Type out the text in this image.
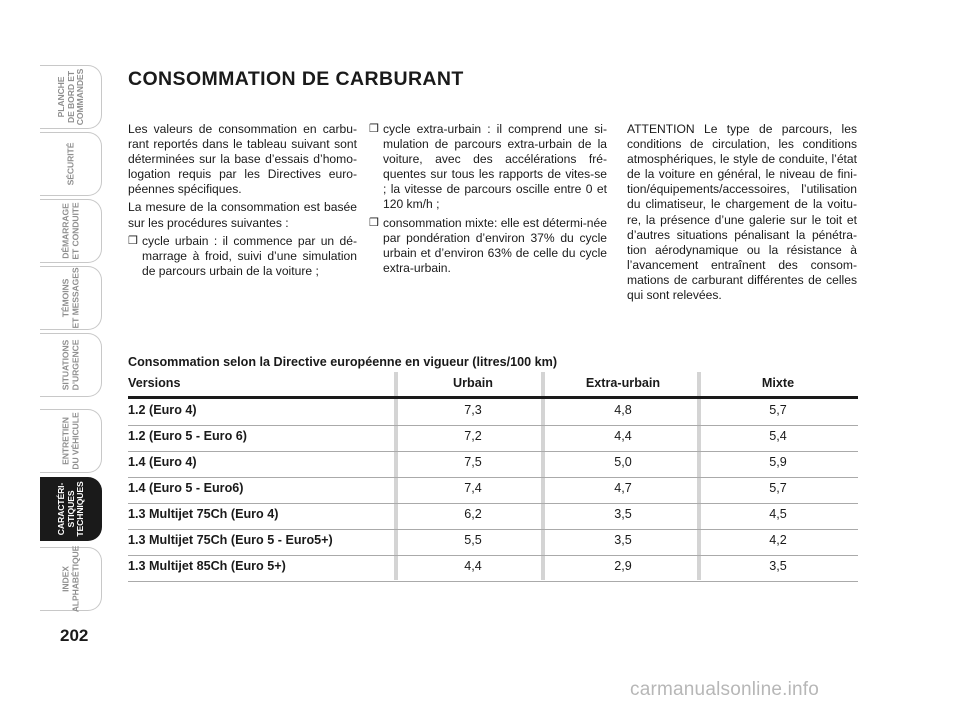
PLANCHE
DE BORD ET
COMMANDES
SÉCURITÉ
DÉMARRAGE
ET CONDUITE
TÉMOINS
ET MESSAGES
SITUATIONS
D’URGENCE
ENTRETIEN
DU VÉHICULE
CARACTÉRI-
STIQUES
TECHNIQUES
INDEX
ALPHABÉTIQUE
202
CONSOMMATION DE CARBURANT

Les valeurs de consommation en carbu-rant reportés dans le tableau suivant sont déterminées sur la base d’essais d’homo-logation requis par les Directives euro-péennes spécifiques.

La mesure de la consommation est basée sur les procédures suivantes :

❒ cycle urbain : il commence par un dé-marrage à froid, suivi d’une simulation de parcours urbain de la voiture ;
❒ cycle extra-urbain : il comprend une si-mulation de parcours extra-urbain de la voiture, avec des accélérations fré-quentes sur tous les rapports de vites-se ; la vitesse de parcours oscille entre 0 et 120 km/h ;
❒ consommation mixte: elle est détermi-née par pondération d’environ 37% du cycle urbain et d’environ 63% de celle du cycle extra-urbain.

ATTENTION Le type de parcours, les conditions de circulation, les conditions atmosphériques, le style de conduite, l’état de la voiture en général, le niveau de fini-tion/équipements/accessoires, l’utilisation du climatiseur, le chargement de la voitu-re, la présence d’une galerie sur le toit et d’autres situations pénalisant la pénétra-tion aérodynamique ou la résistance à l’avancement entraînent des consom-mations de carburant différentes de celles qui sont relevées.

Consommation selon la Directive européenne en vigueur (litres/100 km)
Versions	Urbain	Extra-urbain	Mixte
1.2 (Euro 4)	7,3	4,8	5,7
1.2 (Euro 5 - Euro 6)	7,2	4,4	5,4
1.4 (Euro 4)	7,5	5,0	5,9
1.4 (Euro 5 - Euro6)	7,4	4,7	5,7
1.3 Multijet 75Ch (Euro 4)	6,2	3,5	4,5
1.3 Multijet 75Ch (Euro 5 - Euro5+)	5,5	3,5	4,2
1.3 Multijet 85Ch (Euro 5+)	4,4	2,9	3,5
carmanualsonline.info
